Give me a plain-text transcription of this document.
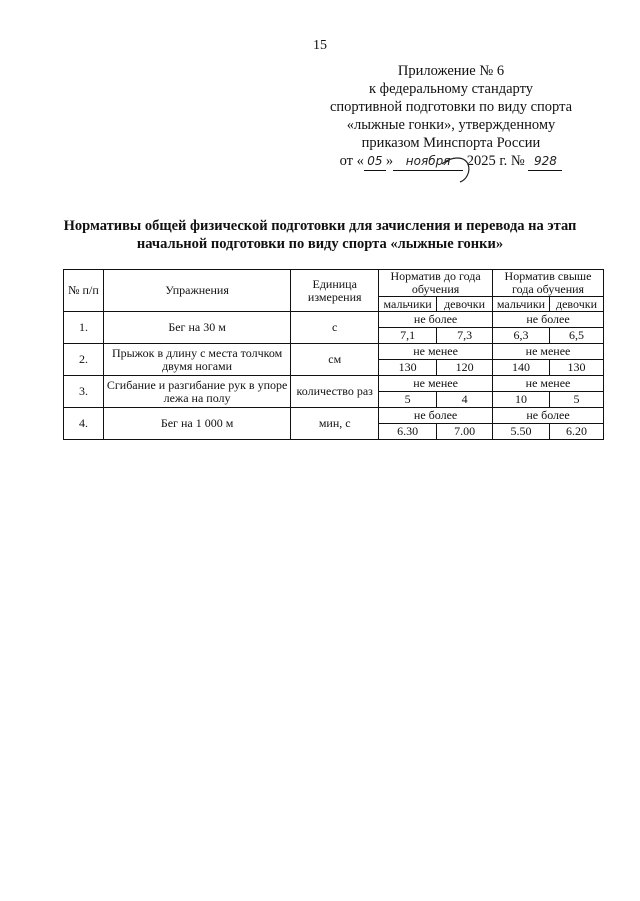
15
Приложение № 6
к федеральному стандарту
спортивной подготовки по виду спорта
«лыжные гонки», утвержденному
приказом Минспорта России
от « 05 » ноября 2025 г. № 928
Нормативы общей физической подготовки для зачисления и перевода на этап
начальной подготовки по виду спорта «лыжные гонки»
№ п/п	Упражнения	Единица измерения	Норматив до года обучения		Норматив свыше года обучения	
			мальчики	девочки	мальчики	девочки
1.	Бег на 30 м	с	не более		не более	
			7,1	7,3	6,3	6,5
2.	Прыжок в длину с места толчком двумя ногами	см	не менее		не менее	
			130	120	140	130
3.	Сгибание и разгибание рук в упоре лежа на полу	количество раз	не менее		не менее	
			5	4	10	5
4.	Бег на 1 000 м	мин, с	не более		не более	
			6.30	7.00	5.50	6.20
